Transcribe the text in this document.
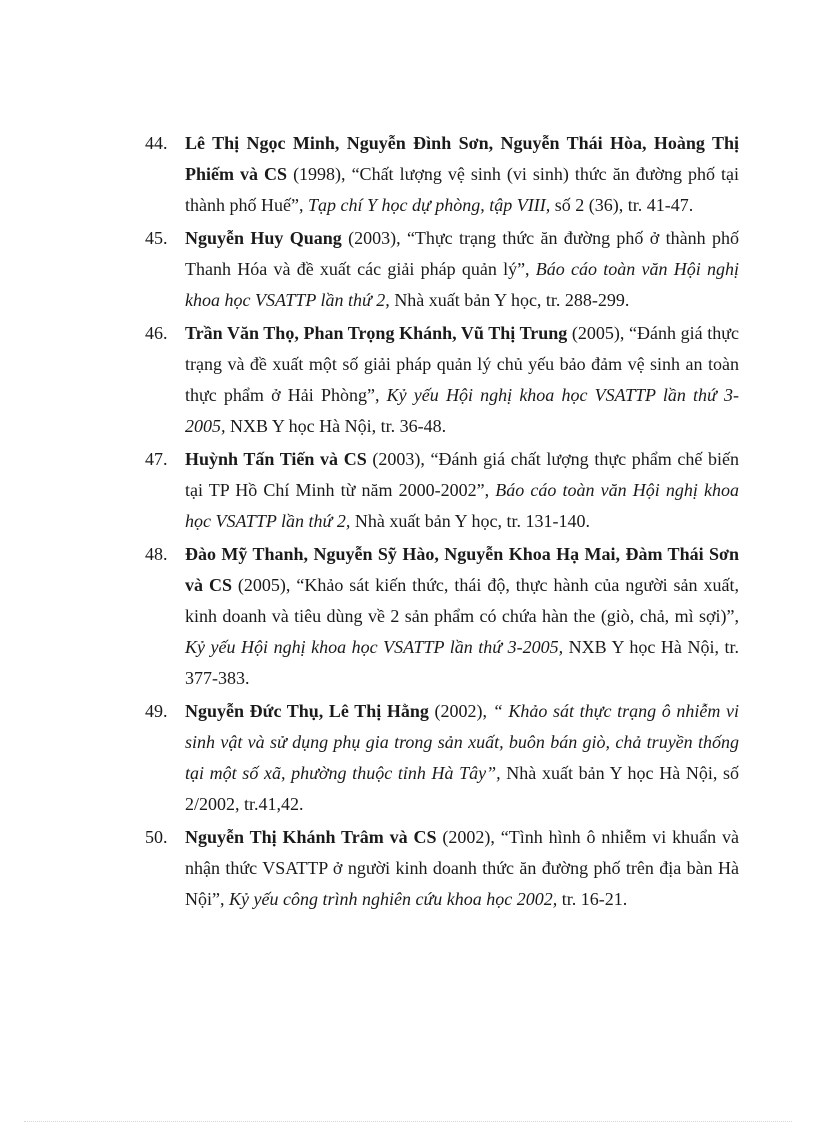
44. Lê Thị Ngọc Minh, Nguyễn Đình Sơn, Nguyễn Thái Hòa, Hoàng Thị Phiếm và CS (1998), “Chất lượng vệ sinh (vi sinh) thức ăn đường phố tại thành phố Huế”, Tạp chí Y học dự phòng, tập VIII, số 2 (36), tr. 41-47.
45. Nguyễn Huy Quang (2003), “Thực trạng thức ăn đường phố ở thành phố Thanh Hóa và đề xuất các giải pháp quản lý”, Báo cáo toàn văn Hội nghị khoa học VSATTP lần thứ 2, Nhà xuất bản Y học, tr. 288-299.
46. Trần Văn Thọ, Phan Trọng Khánh, Vũ Thị Trung (2005), “Đánh giá thực trạng và đề xuất một số giải pháp quản lý chủ yếu bảo đảm vệ sinh an toàn thực phẩm ở Hải Phòng”, Kỷ yếu Hội nghị khoa học VSATTP lần thứ 3-2005, NXB Y học Hà Nội, tr. 36-48.
47. Huỳnh Tấn Tiến và CS (2003), “Đánh giá chất lượng thực phẩm chế biến tại TP Hồ Chí Minh từ năm 2000-2002”, Báo cáo toàn văn Hội nghị khoa học VSATTP lần thứ 2, Nhà xuất bản Y học, tr. 131-140.
48. Đào Mỹ Thanh, Nguyễn Sỹ Hào, Nguyễn Khoa Hạ Mai, Đàm Thái Sơn và CS (2005), “Khảo sát kiến thức, thái độ, thực hành của người sản xuất, kinh doanh và tiêu dùng về 2 sản phẩm có chứa hàn the (giò, chả, mì sợi)”, Kỷ yếu Hội nghị khoa học VSATTP lần thứ 3-2005, NXB Y học Hà Nội, tr. 377-383.
49. Nguyễn Đức Thụ, Lê Thị Hằng (2002), “ Khảo sát thực trạng ô nhiễm vi sinh vật và sử dụng phụ gia trong sản xuất, buôn bán giò, chả truyền thống tại một số xã, phường thuộc tỉnh Hà Tây”, Nhà xuất bản Y học Hà Nội, số 2/2002, tr.41,42.
50. Nguyễn Thị Khánh Trâm và CS (2002), “Tình hình ô nhiễm vi khuẩn và nhận thức VSATTP ở người kinh doanh thức ăn đường phố trên địa bàn Hà Nội”, Kỷ yếu công trình nghiên cứu khoa học 2002, tr. 16-21.
